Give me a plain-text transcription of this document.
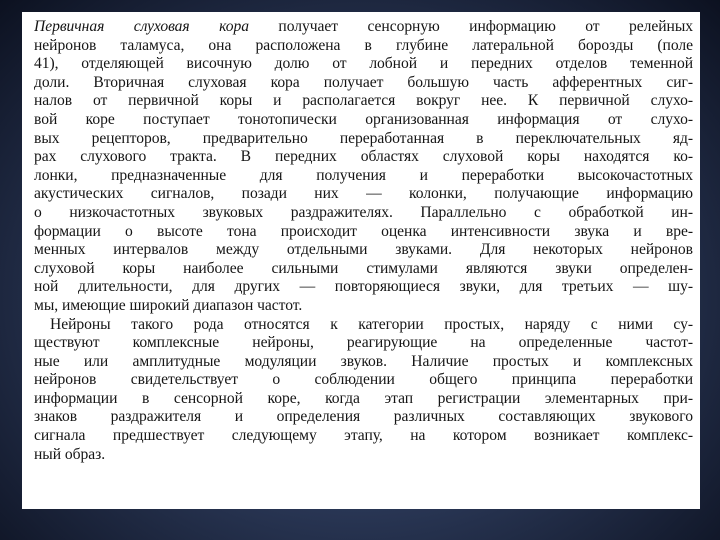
Первичная слуховая кора получает сенсорную информацию от релейных
нейронов таламуса, она расположена в глубине латеральной борозды (поле
41), отделяющей височную долю от лобной и передних отделов теменной
доли. Вторичная слуховая кора получает большую часть афферентных сиг-
налов от первичной коры и располагается вокруг нее. К первичной слухо-
вой коре поступает тонотопически организованная информация от слухо-
вых рецепторов, предварительно переработанная в переключательных яд-
рах слухового тракта. В передних областях слуховой коры находятся ко-
лонки, предназначенные для получения и переработки высокочастотных
акустических сигналов, позади них — колонки, получающие информацию
о низкочастотных звуковых раздражителях. Параллельно с обработкой ин-
формации о высоте тона происходит оценка интенсивности звука и вре-
менных интервалов между отдельными звуками. Для некоторых нейронов
слуховой коры наиболее сильными стимулами являются звуки определен-
ной длительности, для других — повторяющиеся звуки, для третьих — шу-
мы, имеющие широкий диапазон частот.
Нейроны такого рода относятся к категории простых, наряду с ними су-
ществуют комплексные нейроны, реагирующие на определенные частот-
ные или амплитудные модуляции звуков. Наличие простых и комплексных
нейронов свидетельствует о соблюдении общего принципа переработки
информации в сенсорной коре, когда этап регистрации элементарных при-
знаков раздражителя и определения различных составляющих звукового
сигнала предшествует следующему этапу, на котором возникает комплекс-
ный образ.
